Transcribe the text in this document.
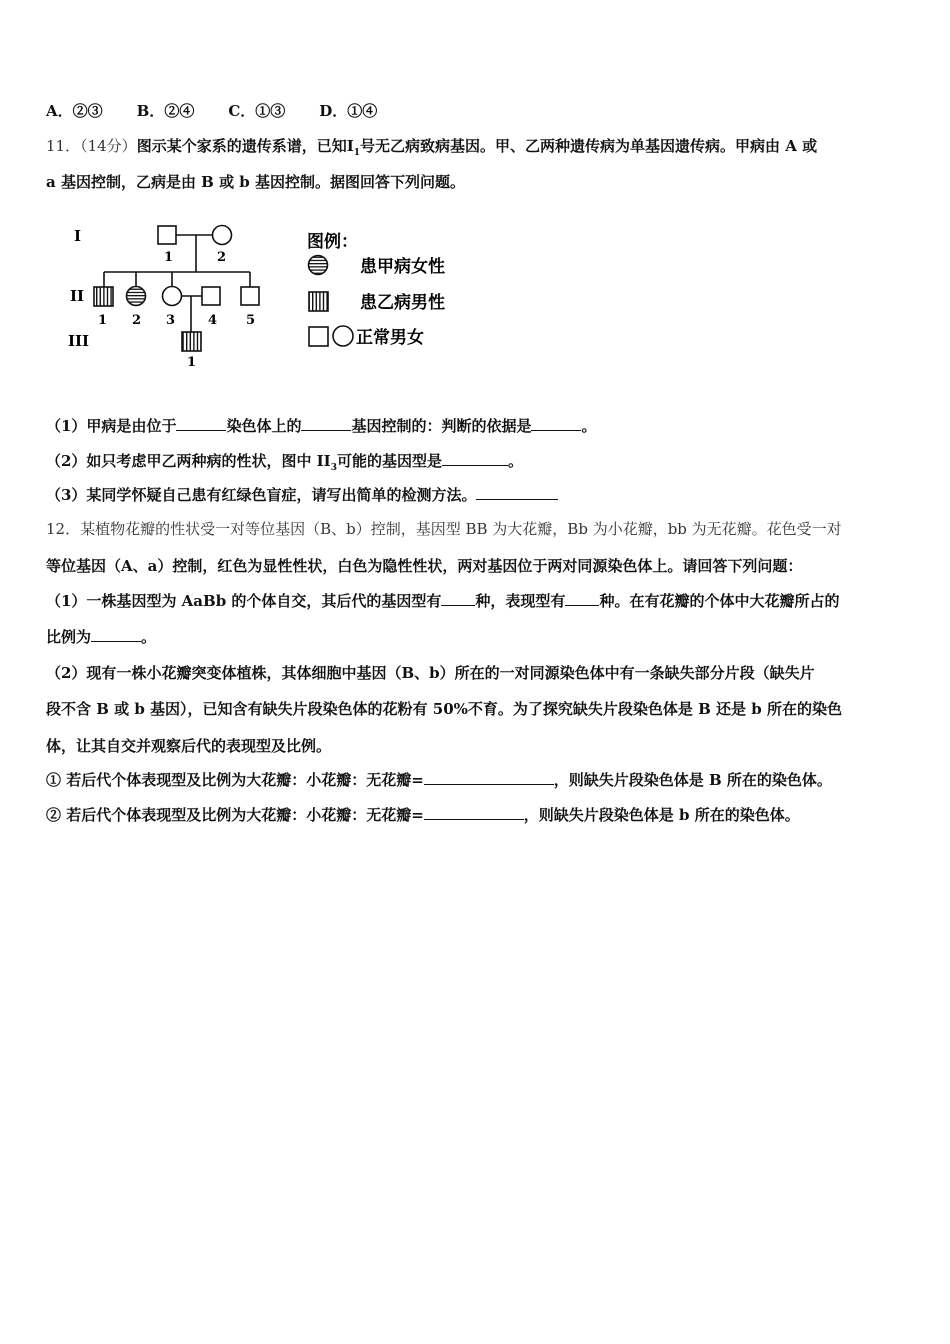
A．②③ B．②④ C．①③ D．①④
11．（14分）图示某个家系的遗传系谱，已知$Ⅰ_1$号无乙病致病基因。甲、乙两种遗传病为单基因遗传病。甲病由 A 或
a 基因控制，乙病是由 B 或 b 基因控制。据图回答下列问题。
I
II
III
1	2
1 2 3	4 5
1
图例：
患甲病女性
患乙病男性
正常男女
（1）甲病是由位于	染色体上的	基因控制的：判断的依据是	。
（2）如只考虑甲乙两种病的性状，图中 $II_3$可能的基因型是	。
（3）某同学怀疑自己患有红绿色盲症，请写出简单的检测方法。
12．某植物花瓣的性状受一对等位基因（B、b）控制，基因型 BB 为大花瓣，Bb 为小花瓣，bb 为无花瓣。花色受一对
等位基因（A、a）控制，红色为显性性状，白色为隐性性状，两对基因位于两对同源染色体上。请回答下列问题：
（1）一株基因型为 AaBb 的个体自交，其后代的基因型有 种，表现型有 种。在有花瓣的个体中大花瓣所占的
比例为	。
（2）现有一株小花瓣突变体植株，其体细胞中基因（B、b）所在的一对同源染色体中有一条缺失部分片段（缺失片
段不含 B 或 b 基因），已知含有缺失片段染色体的花粉有 50%不育。为了探究缺失片段染色体是 B 还是 b 所在的染色
体，让其自交并观察后代的表现型及比例。
① 若后代个体表现型及比例为大花瓣：小花瓣：无花瓣=	，则缺失片段染色体是 B 所在的染色体。
② 若后代个体表现型及比例为大花瓣：小花瓣：无花瓣=	，则缺失片段染色体是 b 所在的染色体。
